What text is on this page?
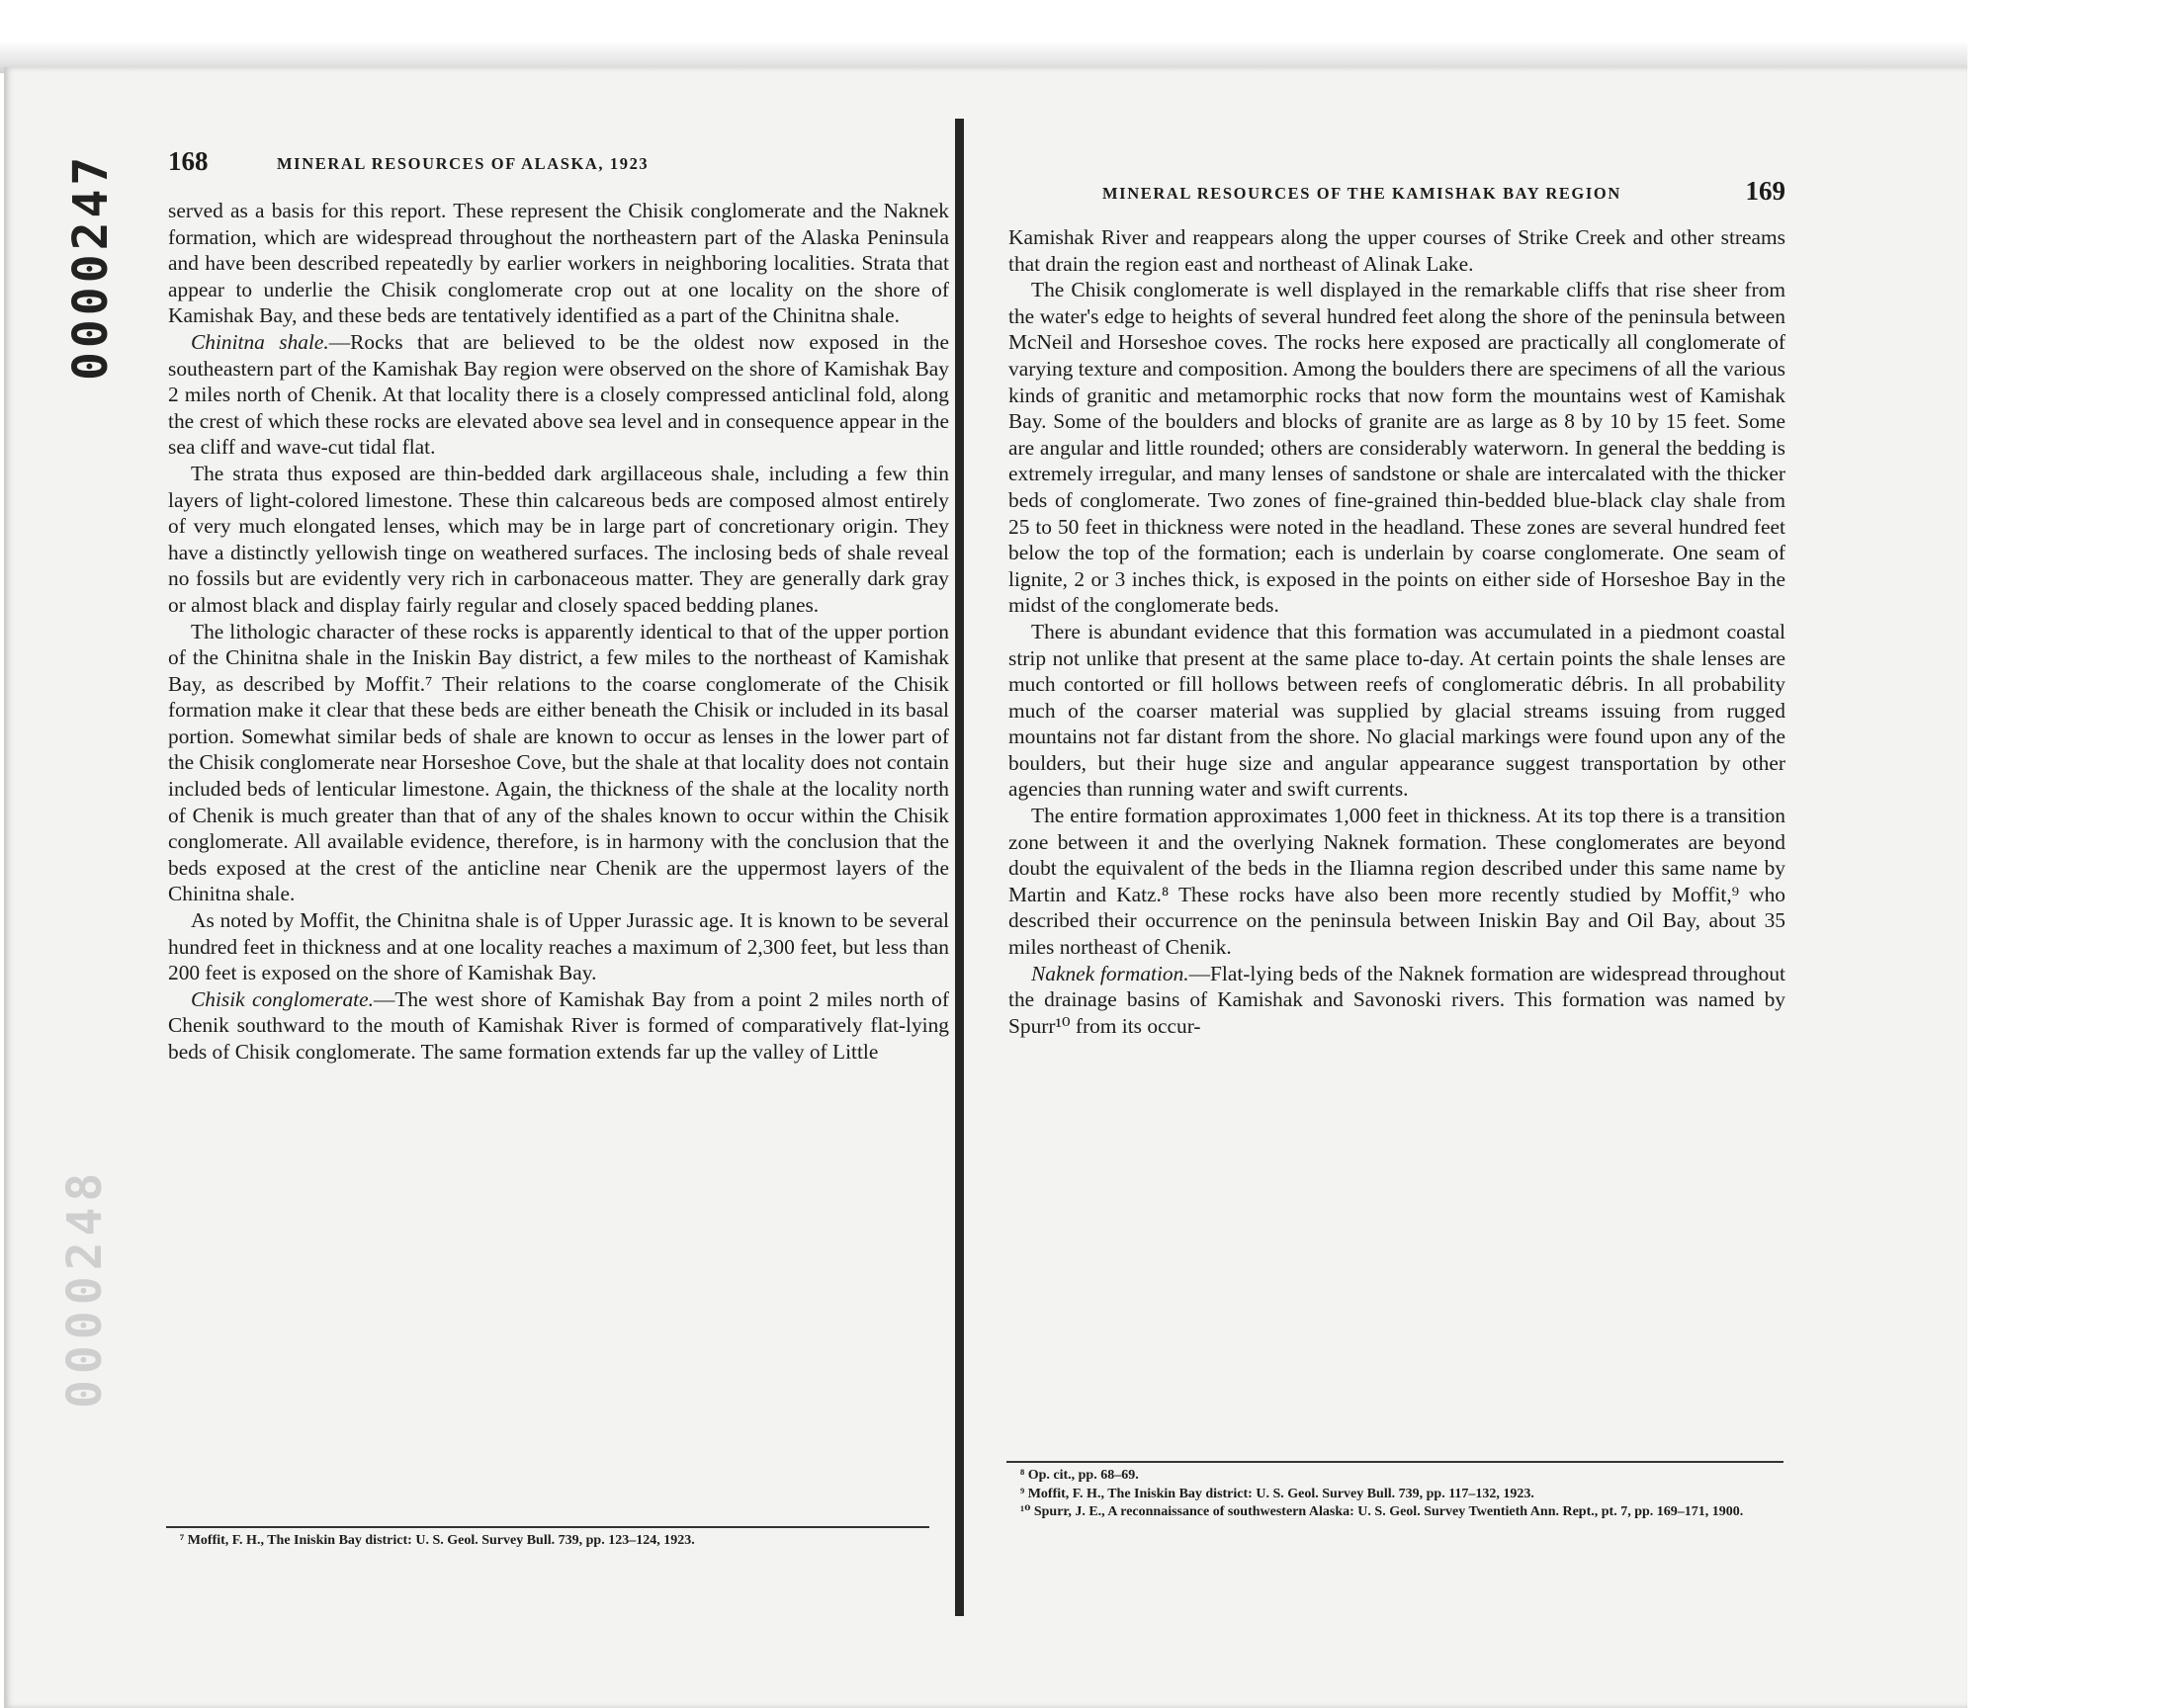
0000247
0000248
168	MINERAL RESOURCES OF ALASKA, 1923
MINERAL RESOURCES OF THE KAMISHAK BAY REGION	169

served as a basis for this report. These represent the Chisik conglomerate and the Naknek formation, which are widespread throughout the northeastern part of the Alaska Peninsula and have been described repeatedly by earlier workers in neighboring localities. Strata that appear to underlie the Chisik conglomerate crop out at one locality on the shore of Kamishak Bay, and these beds are tentatively identified as a part of the Chinitna shale.

Chinitna shale.—Rocks that are believed to be the oldest now exposed in the southeastern part of the Kamishak Bay region were observed on the shore of Kamishak Bay 2 miles north of Chenik. At that locality there is a closely compressed anticlinal fold, along the crest of which these rocks are elevated above sea level and in consequence appear in the sea cliff and wave-cut tidal flat.

The strata thus exposed are thin-bedded dark argillaceous shale, including a few thin layers of light-colored limestone. These thin calcareous beds are composed almost entirely of very much elongated lenses, which may be in large part of concretionary origin. They have a distinctly yellowish tinge on weathered surfaces. The inclosing beds of shale reveal no fossils but are evidently very rich in carbonaceous matter. They are generally dark gray or almost black and display fairly regular and closely spaced bedding planes.

The lithologic character of these rocks is apparently identical to that of the upper portion of the Chinitna shale in the Iniskin Bay district, a few miles to the northeast of Kamishak Bay, as described by Moffit.⁷ Their relations to the coarse conglomerate of the Chisik formation make it clear that these beds are either beneath the Chisik or included in its basal portion. Somewhat similar beds of shale are known to occur as lenses in the lower part of the Chisik conglomerate near Horseshoe Cove, but the shale at that locality does not contain included beds of lenticular limestone. Again, the thickness of the shale at the locality north of Chenik is much greater than that of any of the shales known to occur within the Chisik conglomerate. All available evidence, therefore, is in harmony with the conclusion that the beds exposed at the crest of the anticline near Chenik are the uppermost layers of the Chinitna shale.

As noted by Moffit, the Chinitna shale is of Upper Jurassic age. It is known to be several hundred feet in thickness and at one locality reaches a maximum of 2,300 feet, but less than 200 feet is exposed on the shore of Kamishak Bay.

Chisik conglomerate.—The west shore of Kamishak Bay from a point 2 miles north of Chenik southward to the mouth of Kamishak River is formed of comparatively flat-lying beds of Chisik conglomerate. The same formation extends far up the valley of Little

⁷ Moffit, F. H., The Iniskin Bay district: U. S. Geol. Survey Bull. 739, pp. 123–124, 1923.

Kamishak River and reappears along the upper courses of Strike Creek and other streams that drain the region east and northeast of Alinak Lake.

The Chisik conglomerate is well displayed in the remarkable cliffs that rise sheer from the water's edge to heights of several hundred feet along the shore of the peninsula between McNeil and Horseshoe coves. The rocks here exposed are practically all conglomerate of varying texture and composition. Among the boulders there are specimens of all the various kinds of granitic and metamorphic rocks that now form the mountains west of Kamishak Bay. Some of the boulders and blocks of granite are as large as 8 by 10 by 15 feet. Some are angular and little rounded; others are considerably waterworn. In general the bedding is extremely irregular, and many lenses of sandstone or shale are intercalated with the thicker beds of conglomerate. Two zones of fine-grained thin-bedded blue-black clay shale from 25 to 50 feet in thickness were noted in the headland. These zones are several hundred feet below the top of the formation; each is underlain by coarse conglomerate. One seam of lignite, 2 or 3 inches thick, is exposed in the points on either side of Horseshoe Bay in the midst of the conglomerate beds.

There is abundant evidence that this formation was accumulated in a piedmont coastal strip not unlike that present at the same place to-day. At certain points the shale lenses are much contorted or fill hollows between reefs of conglomeratic débris. In all probability much of the coarser material was supplied by glacial streams issuing from rugged mountains not far distant from the shore. No glacial markings were found upon any of the boulders, but their huge size and angular appearance suggest transportation by other agencies than running water and swift currents.

The entire formation approximates 1,000 feet in thickness. At its top there is a transition zone between it and the overlying Naknek formation. These conglomerates are beyond doubt the equivalent of the beds in the Iliamna region described under this same name by Martin and Katz.⁸ These rocks have also been more recently studied by Moffit,⁹ who described their occurrence on the peninsula between Iniskin Bay and Oil Bay, about 35 miles northeast of Chenik.

Naknek formation.—Flat-lying beds of the Naknek formation are widespread throughout the drainage basins of Kamishak and Savonoski rivers. This formation was named by Spurr¹⁰ from its occur-

⁸ Op. cit., pp. 68–69.

⁹ Moffit, F. H., The Iniskin Bay district: U. S. Geol. Survey Bull. 739, pp. 117–132, 1923.

¹⁰ Spurr, J. E., A reconnaissance of southwestern Alaska: U. S. Geol. Survey Twentieth Ann. Rept., pt. 7, pp. 169–171, 1900.
